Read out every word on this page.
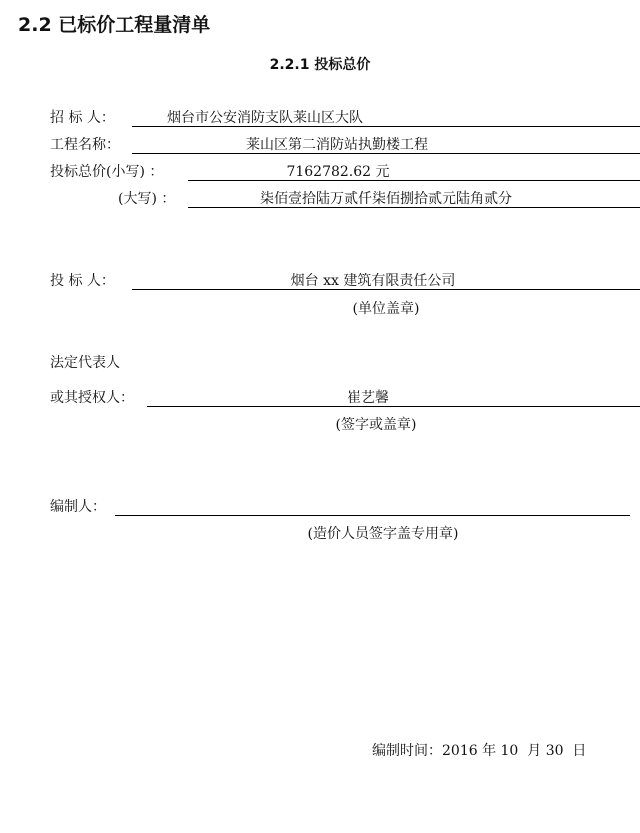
2.2 已标价工程量清单
2.2.1 投标总价
招 标 人：	烟台市公安消防支队莱山区大队
工程名称：	莱山区第二消防站执勤楼工程
投标总价(小写) ：	7162782.62 元
(大写) ：	柒佰壹拾陆万贰仟柒佰捌拾贰元陆角贰分
投 标 人：	烟台 xx 建筑有限责任公司
(单位盖章)
法定代表人
或其授权人：	崔艺馨
(签字或盖章)
编制人：
(造价人员签字盖专用章)
编制时间：2016 年 10  月 30  日
